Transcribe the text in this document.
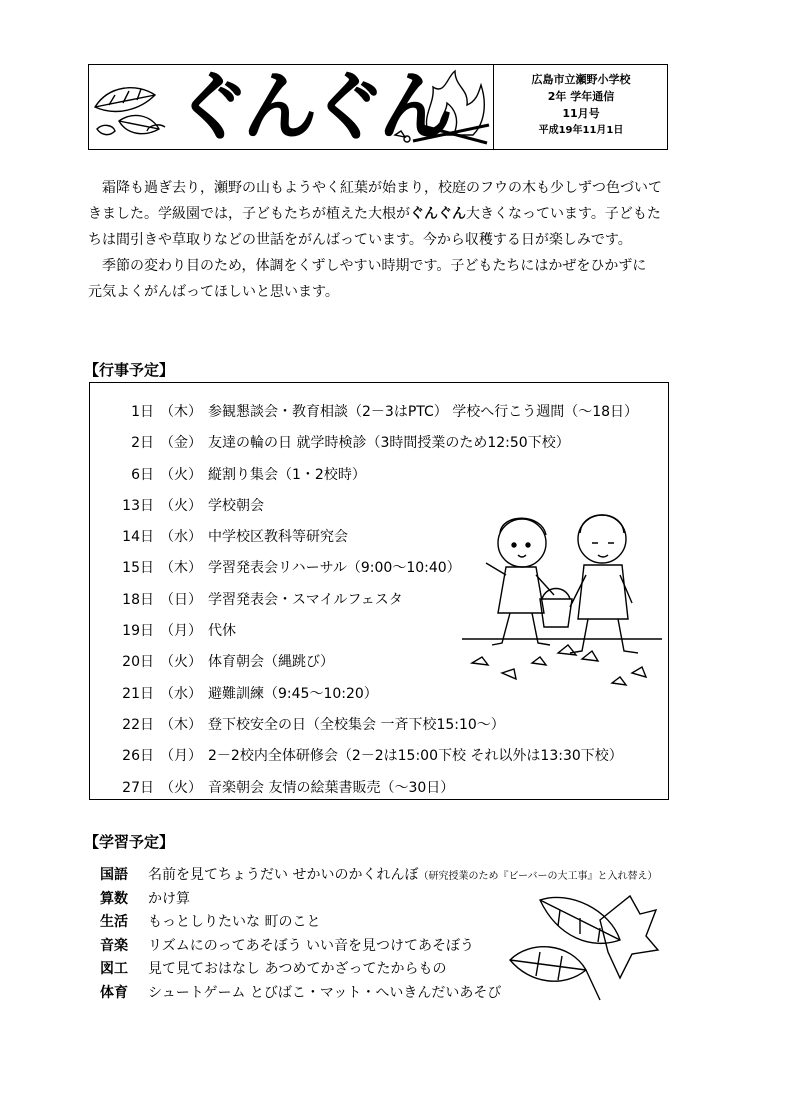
ぐんぐん	広島市立瀬野小学校
2年 学年通信
11月号
平成19年11月1日

　霜降も過ぎ去り，瀬野の山もようやく紅葉が始まり，校庭のフウの木も少しずつ色づいて

きました。学級園では，子どもたちが植えた大根がぐんぐん大きくなっています。子どもた

ちは間引きや草取りなどの世話をがんばっています。今から収穫する日が楽しみです。

　季節の変わり目のため，体調をくずしやすい時期です。子どもたちにはかぜをひかずに

元気よくがんばってほしいと思います。

【行事予定】
1日 （木） 参観懇談会・教育相談（2－3はPTC） 学校へ行こう週間（～18日）
2日 （金） 友達の輪の日 就学時検診（3時間授業のため12:50下校）
6日 （火） 縦割り集会（1・2校時）
13日 （火） 学校朝会
14日 （水） 中学校区教科等研究会
15日 （木） 学習発表会リハーサル（9:00～10:40）
18日 （日） 学習発表会・スマイルフェスタ
19日 （月） 代休
20日 （火） 体育朝会（縄跳び）
21日 （水） 避難訓練（9:45～10:20）
22日 （木） 登下校安全の日（全校集会 一斉下校15:10～）
26日 （月） 2－2校内全体研修会（2－2は15:00下校 それ以外は13:30下校）
27日 （火） 音楽朝会 友情の絵葉書販売（～30日）
【学習予定】
国語 名前を見てちょうだい せかいのかくれんぼ（研究授業のため『ビーバーの大工事』と入れ替え）
算数 かけ算
生活 もっとしりたいな 町のこと
音楽 リズムにのってあそぼう いい音を見つけてあそぼう
図工 見て見ておはなし あつめてかざってたからもの
体育 シュートゲーム とびばこ・マット・へいきんだいあそび
